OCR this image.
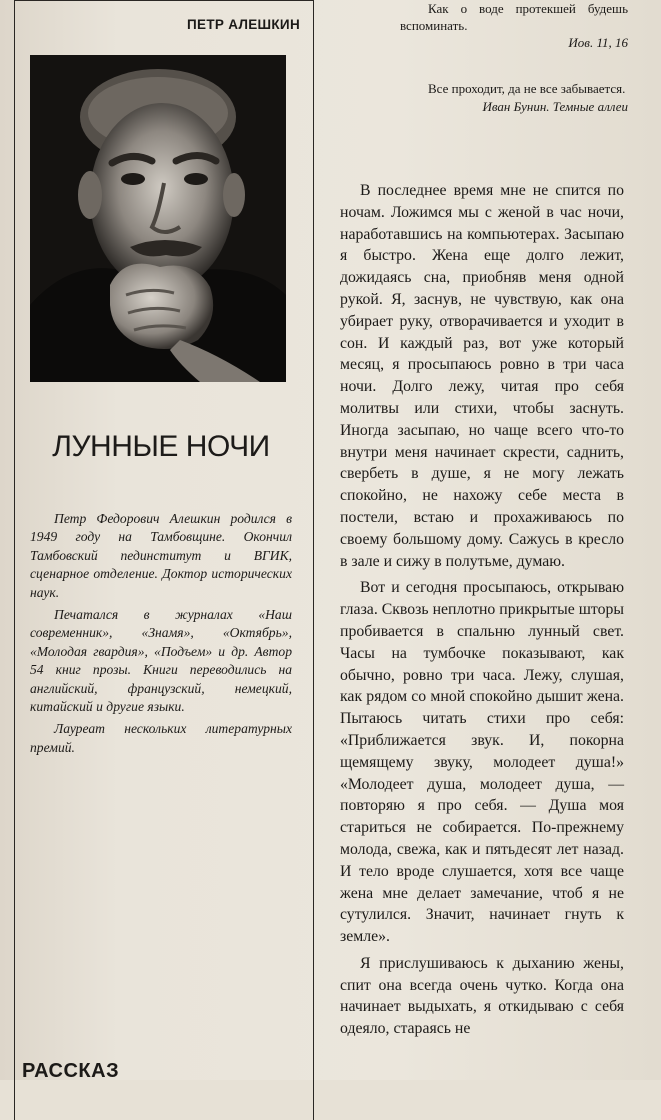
ПЕТР АЛЕШКИН
ЛУННЫЕ НОЧИ

Петр Федорович Алешкин родился в 1949 году на Тамбовщине. Окончил Тамбовский пединститут и ВГИК, сценарное отделение. Доктор исторических наук.

Печатался в журналах «Наш современник», «Знамя», «Октябрь», «Молодая гвардия», «Подъем» и др. Автор 54 книг прозы. Книги переводились на английский, французский, немецкий, китайский и другие языки.

Лауреат нескольких литературных премий.

РАССКАЗ
Как о воде протекшей будешь вспоминать.
Иов. 11, 16
Все проходит, да не все забывается.
Иван Бунин. Темные аллеи

В последнее время мне не спится по ночам. Ложимся мы с женой в час ночи, наработавшись на компьютерах. Засыпаю я быстро. Жена еще долго лежит, дожидаясь сна, приобняв меня одной рукой. Я, заснув, не чувствую, как она убирает руку, отворачивается и уходит в сон. И каждый раз, вот уже который месяц, я просыпаюсь ровно в три часа ночи. Долго лежу, читая про себя молитвы или стихи, чтобы заснуть. Иногда засыпаю, но чаще всего что-то внутри меня начинает скрести, саднить, свербеть в душе, я не могу лежать спокойно, не нахожу себе места в постели, встаю и прохаживаюсь по своему большому дому. Сажусь в кресло в зале и сижу в полутьме, думаю.

Вот и сегодня просыпаюсь, открываю глаза. Сквозь неплотно прикрытые шторы пробивается в спальню лунный свет. Часы на тумбочке показывают, как обычно, ровно три часа. Лежу, слушая, как рядом со мной спокойно дышит жена. Пытаюсь читать стихи про себя: «Приближается звук. И, покорна щемящему звуку, молодеет душа!» «Молодеет душа, молодеет душа, — повторяю я про себя. — Душа моя стариться не собирается. По-прежнему молода, свежа, как и пятьдесят лет назад. И тело вроде слушается, хотя все чаще жена мне делает замечание, чтоб я не сутулился. Значит, начинает гнуть к земле».

Я прислушиваюсь к дыханию жены, спит она всегда очень чутко. Когда она начинает выдыхать, я откидываю с себя одеяло, стараясь не
